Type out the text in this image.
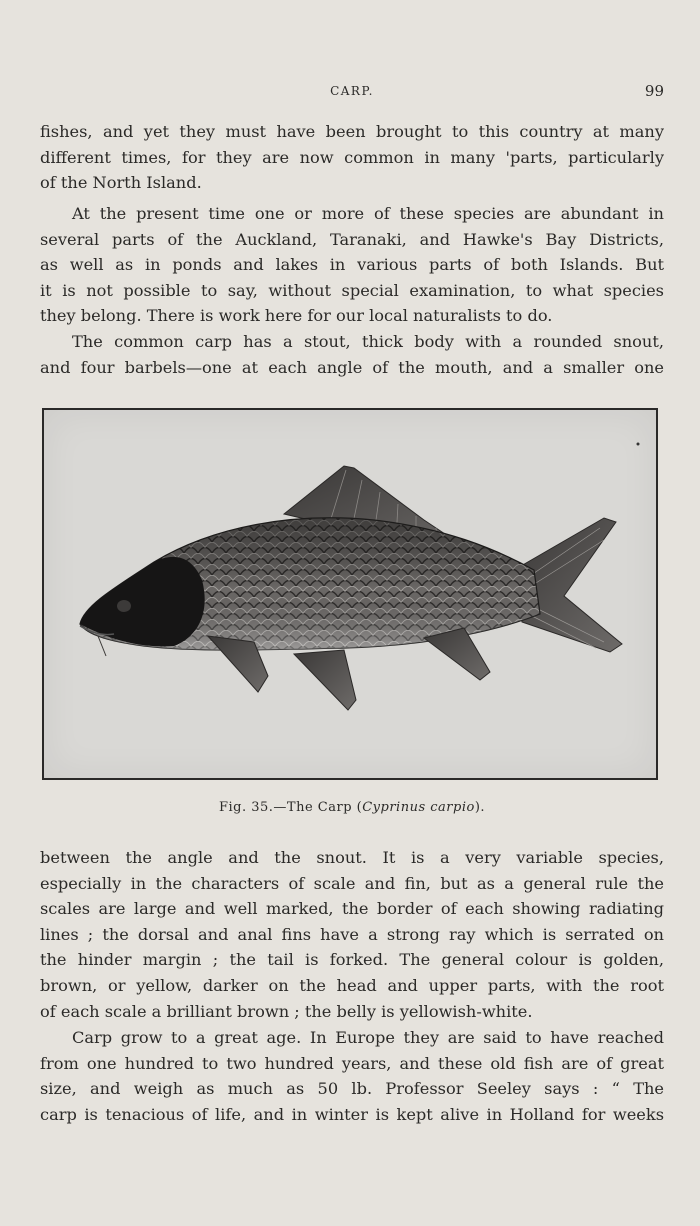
CARP.	99

fishes, and yet they must have been brought to this country at many
different times, for they are now common in many 'parts, particularly
of the North Island.

At the present time one or more of these species are abundant in
several parts of the Auckland, Taranaki, and Hawke's Bay Districts,
as well as in ponds and lakes in various parts of both Islands. But
it is not possible to say, without special examination, to what species
they belong. There is work here for our local naturalists to do.

The common carp has a stout, thick body with a rounded snout,
and four barbels—one at each angle of the mouth, and a smaller one

Fig. 35.—The Carp (Cyprinus carpio).

between the angle and the snout. It is a very variable species,
especially in the characters of scale and fin, but as a general rule the
scales are large and well marked, the border of each showing radiating
lines ; the dorsal and anal fins have a strong ray which is serrated on
the hinder margin ; the tail is forked. The general colour is golden,
brown, or yellow, darker on the head and upper parts, with the root
of each scale a brilliant brown ; the belly is yellowish-white.

Carp grow to a great age. In Europe they are said to have reached
from one hundred to two hundred years, and these old fish are of great
size, and weigh as much as 50 lb. Professor Seeley says : “ The
carp is tenacious of life, and in winter is kept alive in Holland for weeks
